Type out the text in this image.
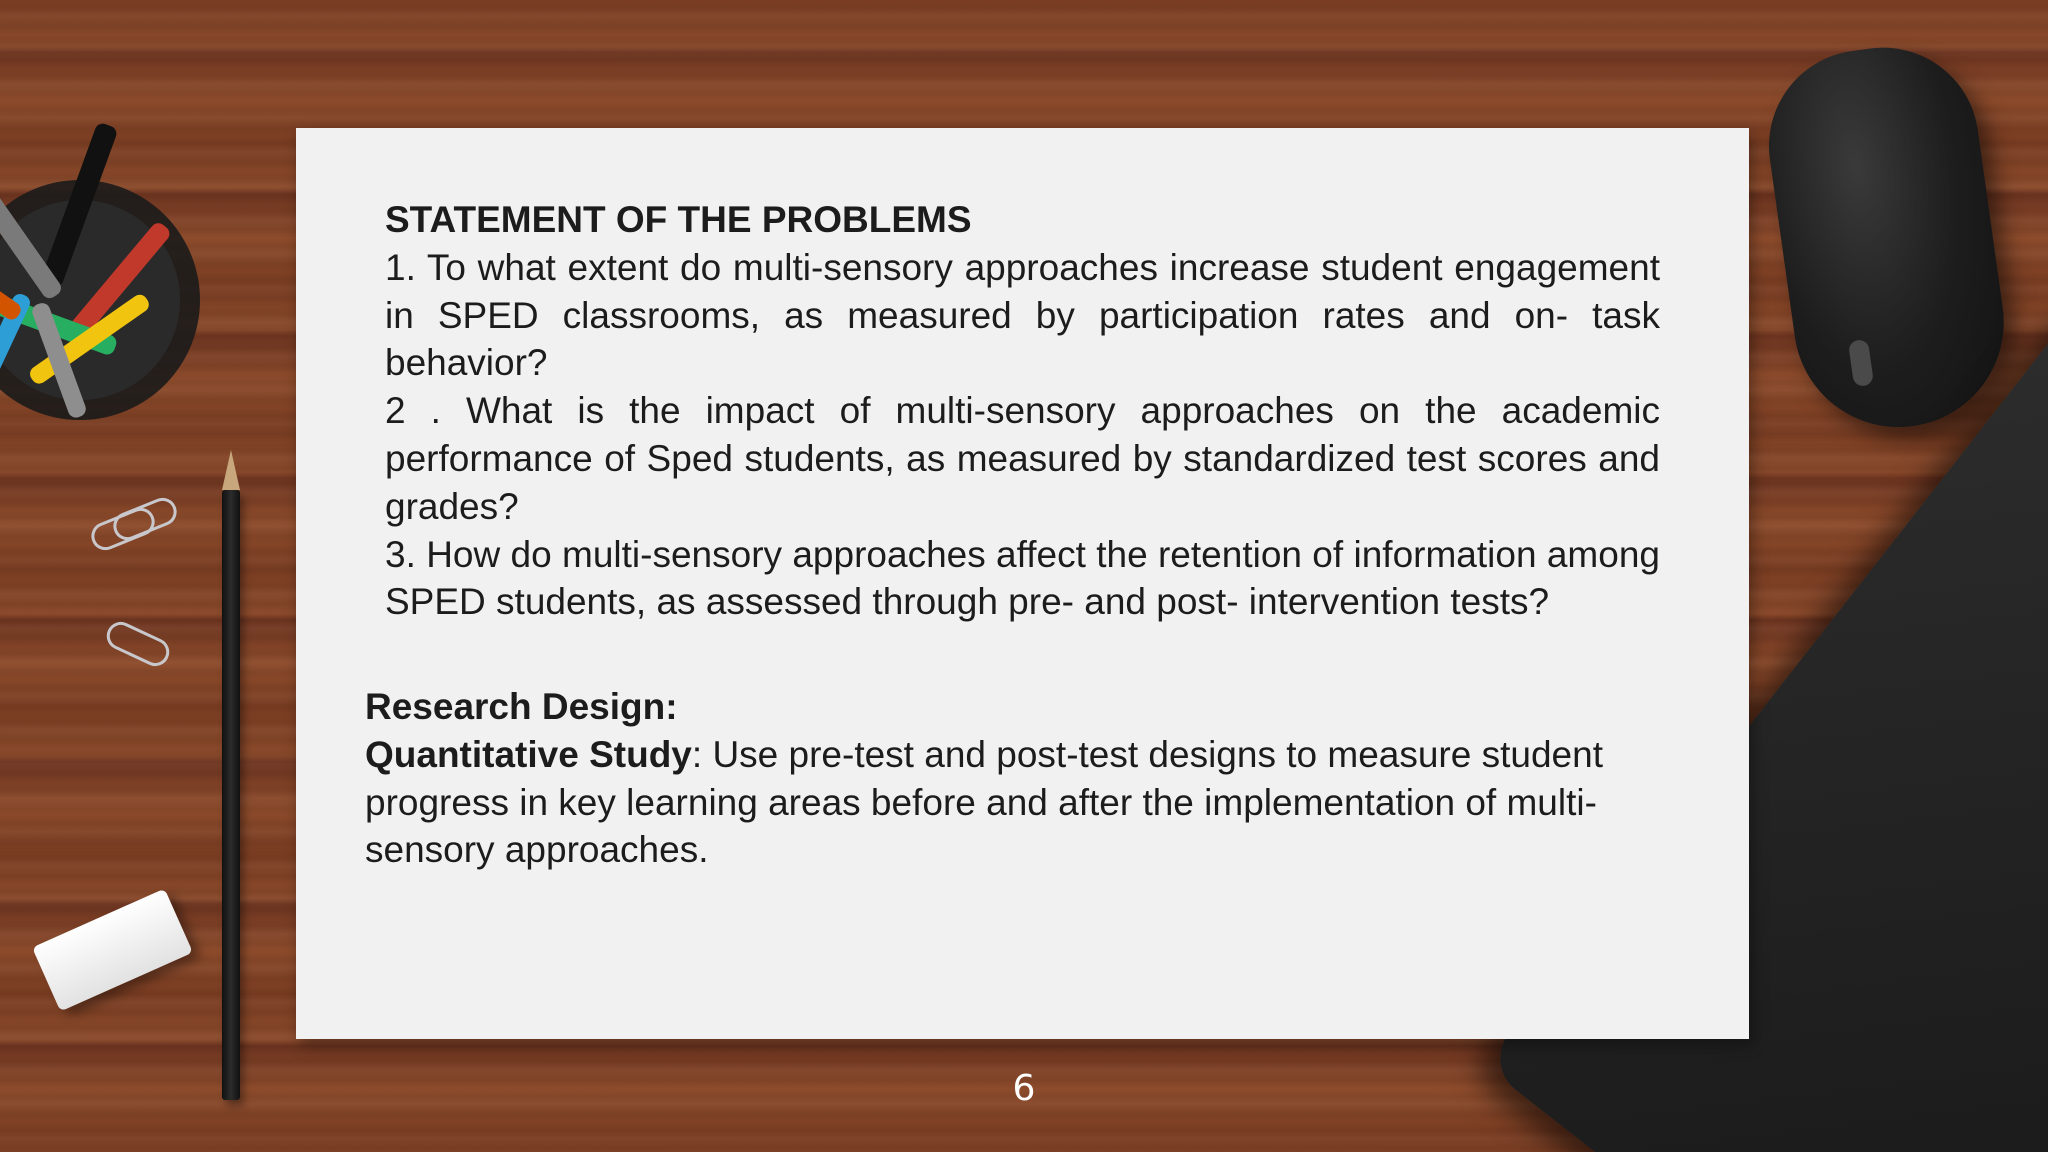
STATEMENT OF THE PROBLEMS

1. To what extent do multi-sensory approaches increase student engagement in SPED classrooms, as measured by participation rates and on- task behavior?

2 . What is the impact of multi-sensory approaches on the academic performance of Sped students, as measured by standardized test scores and grades?

3. How do multi-sensory approaches affect the retention of information among SPED students, as assessed through pre- and post- intervention tests?

Research Design:
Quantitative Study: Use pre-test and post-test designs to measure student progress in key learning areas before and after the implementation of multi-sensory approaches.
6
